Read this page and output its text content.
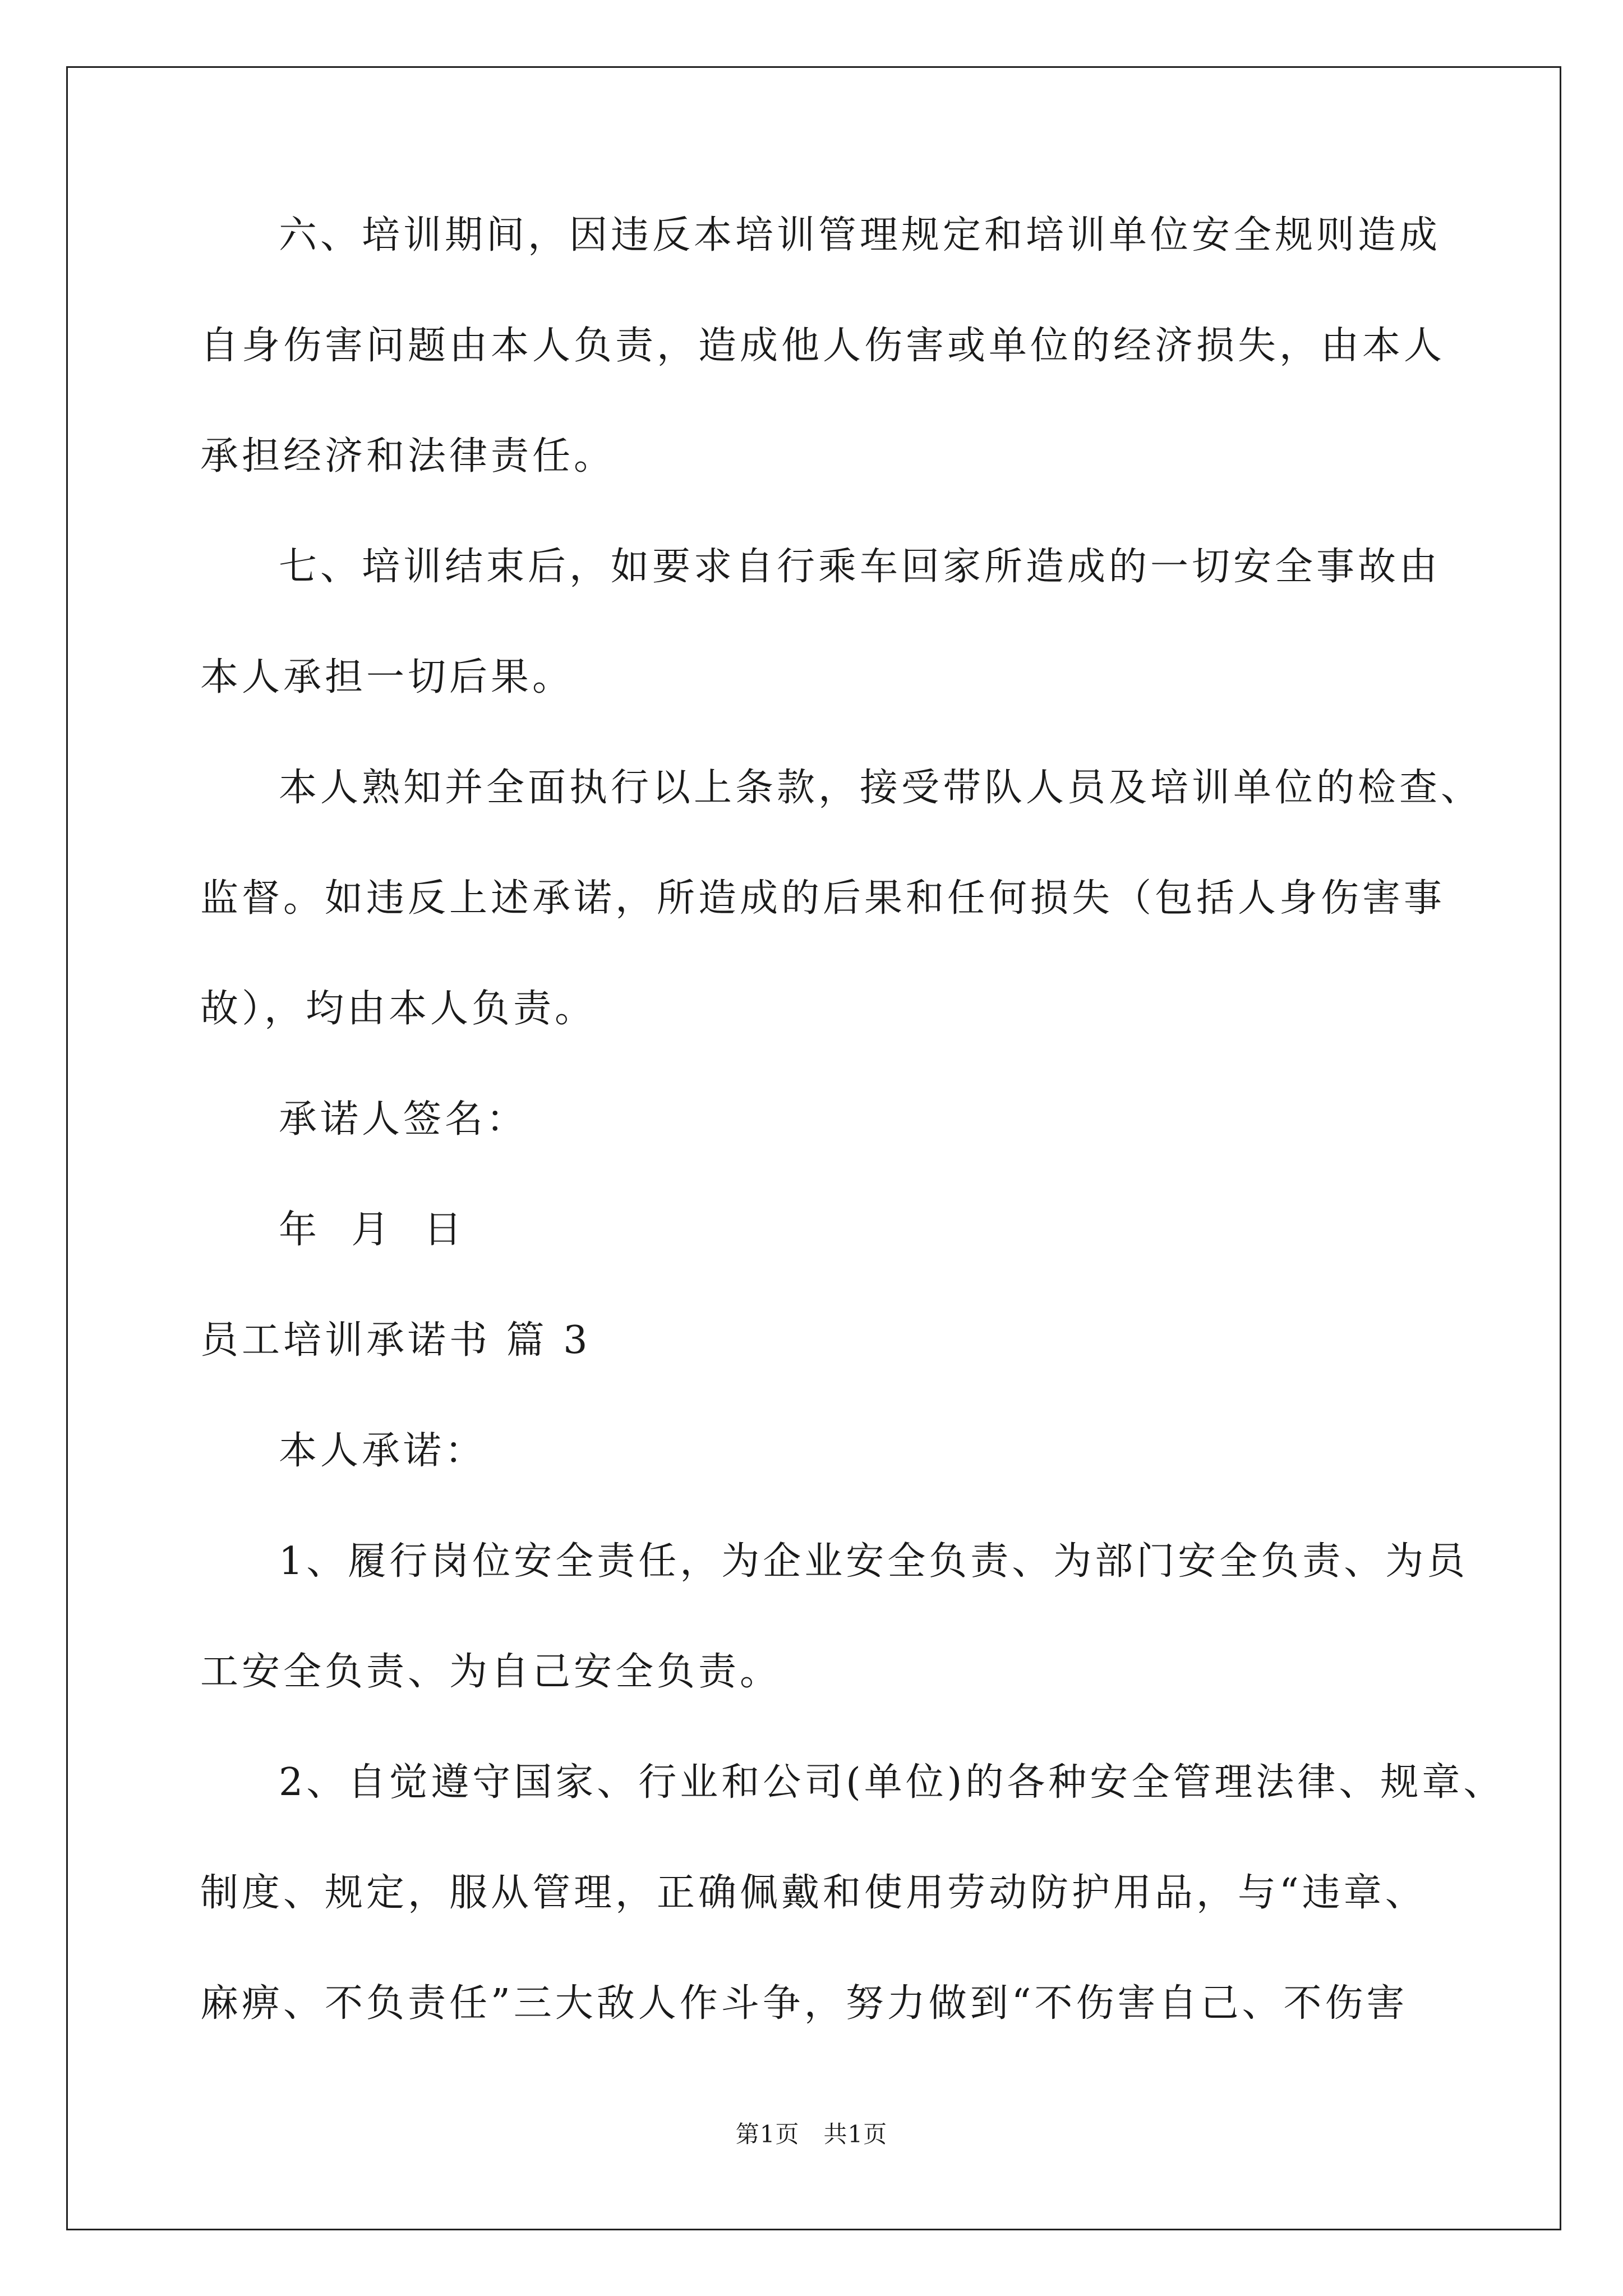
六、培训期间，因违反本培训管理规定和培训单位安全规则造成
自身伤害问题由本人负责，造成他人伤害或单位的经济损失，由本人
承担经济和法律责任。
七、培训结束后，如要求自行乘车回家所造成的一切安全事故由
本人承担一切后果。
本人熟知并全面执行以上条款，接受带队人员及培训单位的检查、
监督。如违反上述承诺，所造成的后果和任何损失（包括人身伤害事
故），均由本人负责。
承诺人签名：
年  月  日
员工培训承诺书 篇 3
本人承诺：
1、履行岗位安全责任，为企业安全负责、为部门安全负责、为员
工安全负责、为自己安全负责。
2、自觉遵守国家、行业和公司(单位)的各种安全管理法律、规章、
制度、规定，服从管理，正确佩戴和使用劳动防护用品，与“违章、
麻痹、不负责任”三大敌人作斗争，努力做到“不伤害自己、不伤害
第1页   共1页
